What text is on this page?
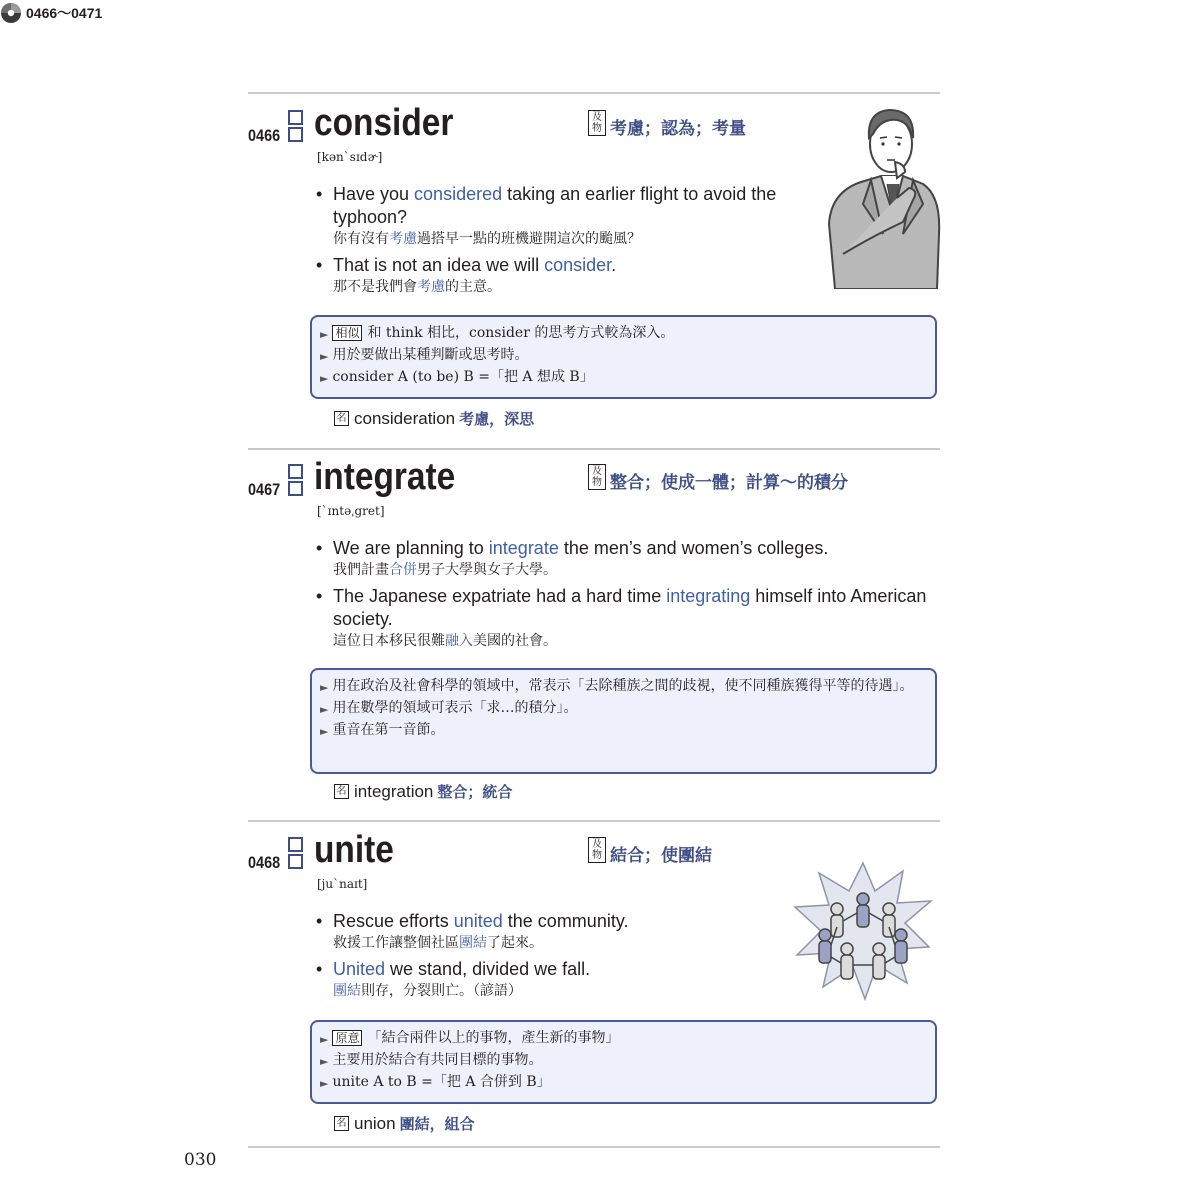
0466～0471
0466 consider
[kən`sɪdɚ]
及物 考慮；認為；考量
• Have you considered taking an earlier flight to avoid the typhoon?
你有沒有考慮過搭早一點的班機避開這次的颱風？
• That is not an idea we will consider.
那不是我們會考慮的主意。
► 相似 和 think 相比，consider 的思考方式較為深入。
► 用於要做出某種判斷或思考時。
► consider A (to be) B =「把 A 想成 B」
名 consideration 考慮，深思
0467 integrate
[`ɪntəˌgret]
及物 整合；使成一體；計算～的積分
• We are planning to integrate the men’s and women’s colleges.
我們計畫合併男子大學與女子大學。
• The Japanese expatriate had a hard time integrating himself into American society.
這位日本移民很難融入美國的社會。
► 用在政治及社會科學的領域中，常表示「去除種族之間的歧視，使不同種族獲得平等的待遇」。
► 用在數學的領域可表示「求…的積分」。
► 重音在第一音節。
名 integration 整合；統合
0468 unite
[ju`naɪt]
及物 結合；使團結
• Rescue efforts united the community.
救援工作讓整個社區團結了起來。
• United we stand, divided we fall.
團結則存，分裂則亡。（諺語）
► 原意 「結合兩件以上的事物，產生新的事物」
► 主要用於結合有共同目標的事物。
► unite A to B =「把 A 合併到 B」
名 union 團結，組合
030
